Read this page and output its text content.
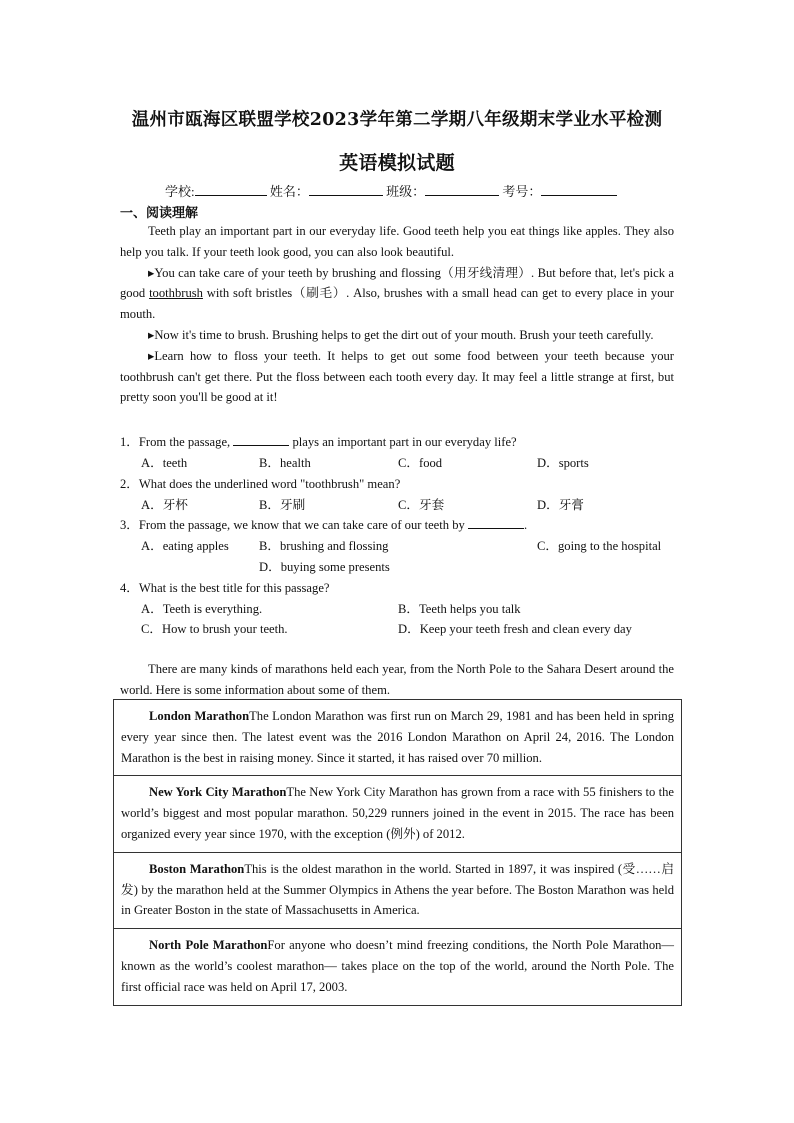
温州市瓯海区联盟学校2023学年第二学期八年级期末学业水平检测
英语模拟试题
学校:	姓名：	班级：	考号：
一、阅读理解

Teeth play an important part in our everyday life. Good teeth help you eat things like apples. They also help you talk. If your teeth look good, you can also look beautiful.

▸You can take care of your teeth by brushing and flossing（用牙线清理）. But before that, let's pick a good toothbrush with soft bristles（刷毛）. Also, brushes with a small head can get to every place in your mouth.

▸Now it's time to brush. Brushing helps to get the dirt out of your mouth. Brush your teeth carefully.

▸Learn how to floss your teeth. It helps to get out some food between your teeth because your toothbrush can't get there. Put the floss between each tooth every day. It may feel a little strange at first, but pretty soon you'll be good at it!

1．From the passage,	plays an important part in our everyday life?
A．teeth	B．health	C．food	D．sports
2．What does the underlined word "toothbrush" mean?
A．牙杯	B．牙刷	C．牙套	D．牙膏
3．From the passage, we know that we can take care of our teeth by	.
A．eating apples B．brushing and flossing	C．going to the hospital
D．buying some presents
4．What is the best title for this passage?
A．Teeth is everything.	B．Teeth helps you talk
C．How to brush your teeth.	D．Keep your teeth fresh and clean every day

There are many kinds of marathons held each year, from the North Pole to the Sahara Desert around the world. Here is some information about some of them.

London MarathonThe London Marathon was first run on March 29, 1981 and has been held in spring every year since then. The latest event was the 2016 London Marathon on April 24, 2016. The London Marathon is the best in raising money. Since it started, it has raised over 70 million.
New York City MarathonThe New York City Marathon has grown from a race with 55 finishers to the world’s biggest and most popular marathon. 50,229 runners joined in the event in 2015. The race has been organized every year since 1970, with the exception (例外) of 2012.
Boston MarathonThis is the oldest marathon in the world. Started in 1897, it was inspired (受……启发) by the marathon held at the Summer Olympics in Athens the year before. The Boston Marathon was held in Greater Boston in the state of Massachusetts in America.
North Pole MarathonFor anyone who doesn’t mind freezing conditions, the North Pole Marathon—known as the world’s coolest marathon— takes place on the top of the world, around the North Pole. The first official race was held on April 17, 2003.
